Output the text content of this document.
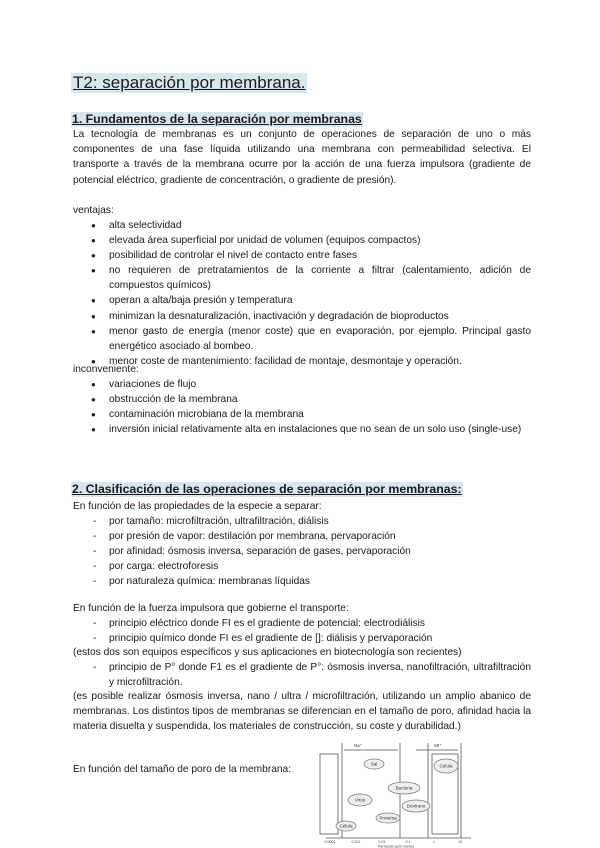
T2: separación por membrana.
1. Fundamentos de la separación por membranas

La tecnología de membranas es un conjunto de operaciones de separación de uno o más componentes de una fase líquida utilizando una membrana con permeabilidad selectiva. El transporte a través de la membrana ocurre por la acción de una fuerza impulsora (gradiente de potencial eléctrico, gradiente de concentración, o gradiente de presión).

ventajas:

● alta selectividad
● elevada área superficial por unidad de volumen (equipos compactos)
● posibilidad de controlar el nivel de contacto entre fases
● no requieren de pretratamientos de la corriente a filtrar (calentamiento, adición de compuestos químicos)
● operan a alta/baja presión y temperatura
● minimizan la desnaturalización, inactivación y degradación de bioproductos
● menor gasto de energía (menor coste) que en evaporación, por ejemplo. Principal gasto energético asociado al bombeo.
● menor coste de mantenimiento: facilidad de montaje, desmontaje y operación.

inconveniente:

● variaciones de flujo
● obstrucción de la membrana
● contaminación microbiana de la membrana
● inversión inicial relativamente alta en instalaciones que no sean de un solo uso (single-use)
2. Clasificación de las operaciones de separación por membranas:

En función de las propiedades de la especie a separar:

- por tamaño: microfiltración, ultrafiltración, diálisis
- por presión de vapor: destilación por membrana, pervaporación
- por afinidad: ósmosis inversa, separación de gases, pervaporación
- por carga: electroforesis
- por naturaleza química: membranas líquidas

En función de la fuerza impulsora que gobierne el transporte:

- principio eléctrico donde FI es el gradiente de potencial: electrodiálisis
- principio químico donde FI es el gradiente de []: diálisis y pervaporación

(estos dos son equipos específicos y sus aplicaciones en biotecnología son recientes)

- principio de P° donde F1 es el gradiente de P°: ósmosis inversa, nanofiltración, ultrafiltración y microfiltración.

(es posible realizar ósmosis inversa, nano / ultra / microfiltración, utilizando un amplio abanico de membranas. Los distintos tipos de membranas se diferencian en el tamaño de poro, afinidad hacia la materia disuelta y suspendida, los materiales de construcción, su coste y durabilidad.)

En función del tamaño de poro de la membrana:

Na⁺	Mt⁺
Célula
Sal
Bacteria
Virus
Dextrano
Proteína
Célula
0.0001	0.001	0.01	0.1	1	10
Partículas (µm) versus
